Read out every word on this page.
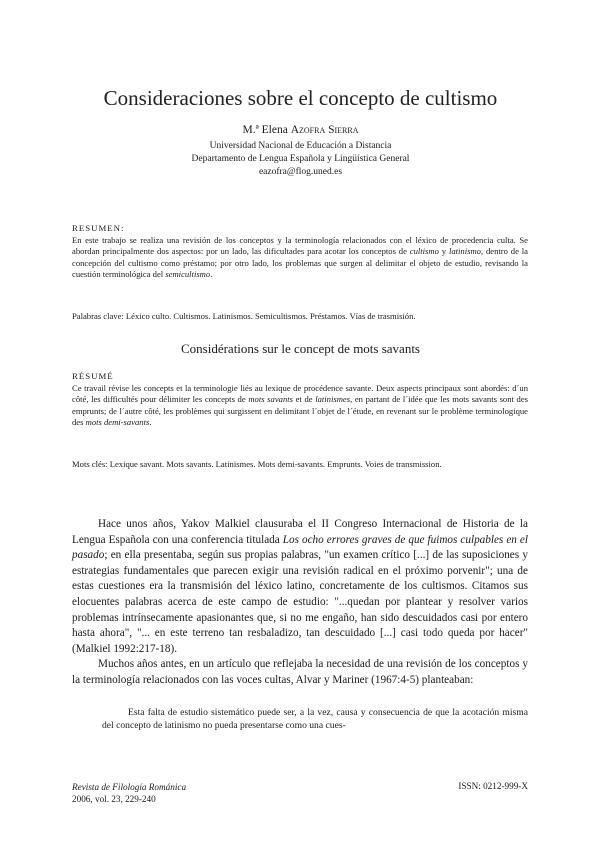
Consideraciones sobre el concepto de cultismo
M.ª Elena Azofra Sierra
Universidad Nacional de Educación a Distancia
Departamento de Lengua Española y Lingüística General
eazofra@flog.uned.es
RESUMEN:

En este trabajo se realiza una revisión de los conceptos y la terminología relacionados con el léxico de procedencia culta. Se abordan principalmente dos aspectos: por un lado, las dificultades para acotar los conceptos de cultismo y latinismo, dentro de la concepción del cultismo como préstamo; por otro lado, los problemas que surgen al delimitar el objeto de estudio, revisando la cuestión terminológica del semicultismo.

Palabras clave: Léxico culto. Cultismos. Latinismos. Semicultismos. Préstamos. Vías de trasmisión.
Considérations sur le concept de mots savants
RÉSUMÉ

Ce travail révise les concepts et la terminologie liés au lexique de procédence savante. Deux aspects principaux sont abordés: d´un côté, les difficultés pour délimiter les concepts de mots savants et de latinismes, en partant de l´idée que les mots savants sont des emprunts; de l´autre côté, les problèmes qui surgissent en delimitant l´objet de l´étude, en revenant sur le problème terminologique des mots demi-savants.

Mots clés: Lexique savant. Mots savants. Latinismes. Mots demi-savants. Emprunts. Voies de transmission.

Hace unos años, Yakov Malkiel clausuraba el II Congreso Internacional de Historia de la Lengua Española con una conferencia titulada Los ocho errores graves de que fuimos culpables en el pasado; en ella presentaba, según sus propias palabras, "un examen crítico [...] de las suposiciones y estrategias fundamentales que parecen exigir una revisión radical en el próximo porvenir"; una de estas cuestiones era la transmisión del léxico latino, concretamente de los cultismos. Citamos sus elocuentes palabras acerca de este campo de estudio: "...quedan por plantear y resolver varios problemas intrínsecamente apasionantes que, si no me engaño, han sido descuidados casi por entero hasta ahora", "... en este terreno tan resbaladizo, tan descuidado [...] casi todo queda por hacer" (Malkiel 1992:217-18).

Muchos años antes, en un artículo que reflejaba la necesidad de una revisión de los conceptos y la terminología relacionados con las voces cultas, Alvar y Mariner (1967:4-5) planteaban:

Esta falta de estudio sistemático puede ser, a la vez, causa y consecuencia de que la acotación misma del concepto de latinismo no pueda presentarse como una cues-

Revista de Filología Románica
2006, vol. 23, 229-240
ISSN: 0212-999-X
